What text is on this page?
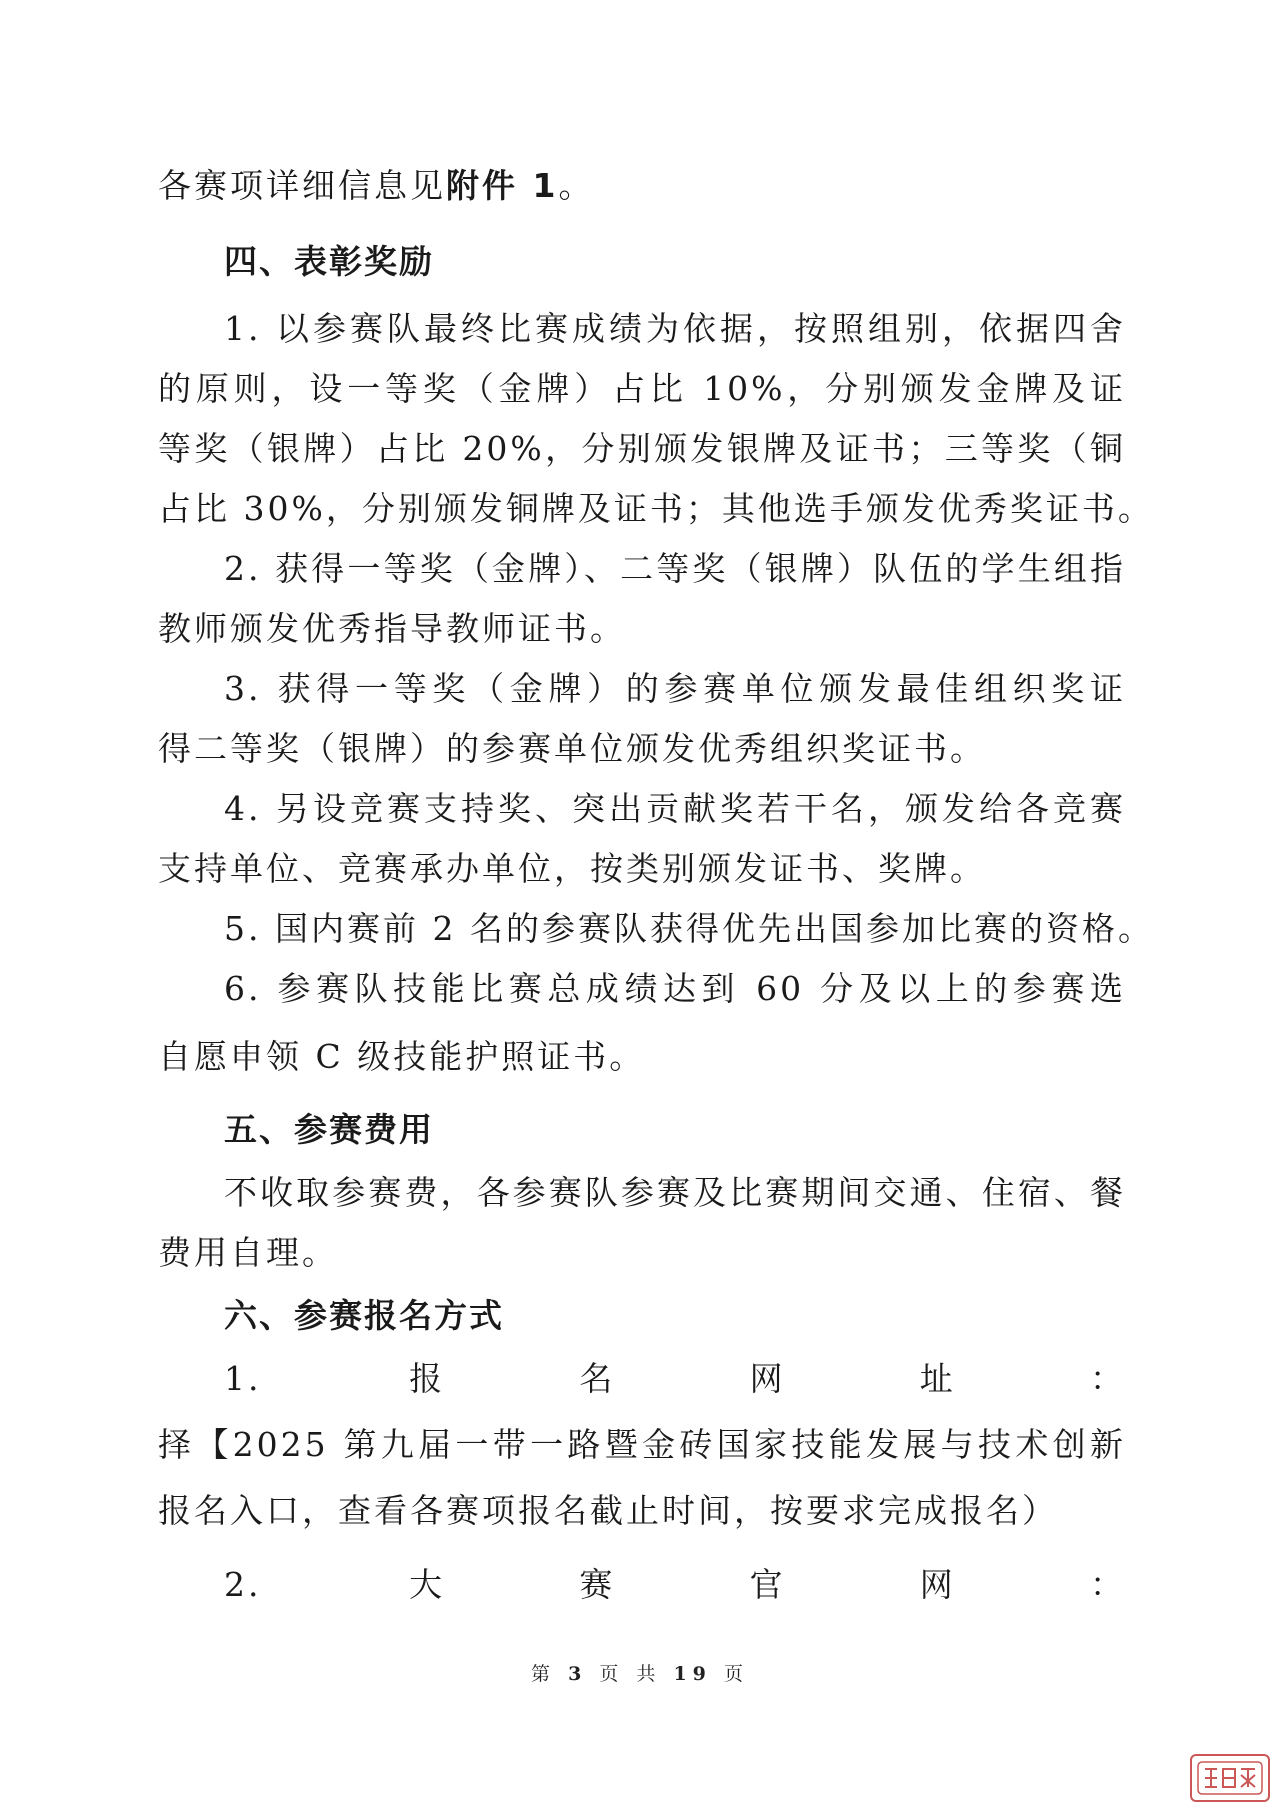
各赛项详细信息见附件 1。

四、表彰奖励

1. 以参赛队最终比赛成绩为依据，按照组别，依据四舍

的原则，设一等奖（金牌）占比 10%，分别颁发金牌及证

等奖（银牌）占比 20%，分别颁发银牌及证书；三等奖（铜

占比 30%，分别颁发铜牌及证书；其他选手颁发优秀奖证书。

2. 获得一等奖（金牌）、二等奖（银牌）队伍的学生组指

教师颁发优秀指导教师证书。

3. 获得一等奖（金牌）的参赛单位颁发最佳组织奖证

得二等奖（银牌）的参赛单位颁发优秀组织奖证书。

4. 另设竞赛支持奖、突出贡献奖若干名，颁发给各竞赛

支持单位、竞赛承办单位，按类别颁发证书、奖牌。

5. 国内赛前 2 名的参赛队获得优先出国参加比赛的资格。

6. 参赛队技能比赛总成绩达到 60 分及以上的参赛选

自愿申领 C 级技能护照证书。

五、参赛费用

不收取参赛费，各参赛队参赛及比赛期间交通、住宿、餐

费用自理。

六、参赛报名方式

1. 报名网址：

择【2025 第九届一带一路暨金砖国家技能发展与技术创新

报名入口，查看各赛项报名截止时间，按要求完成报名）

2. 大赛官网：

第 3 页 共 19 页
